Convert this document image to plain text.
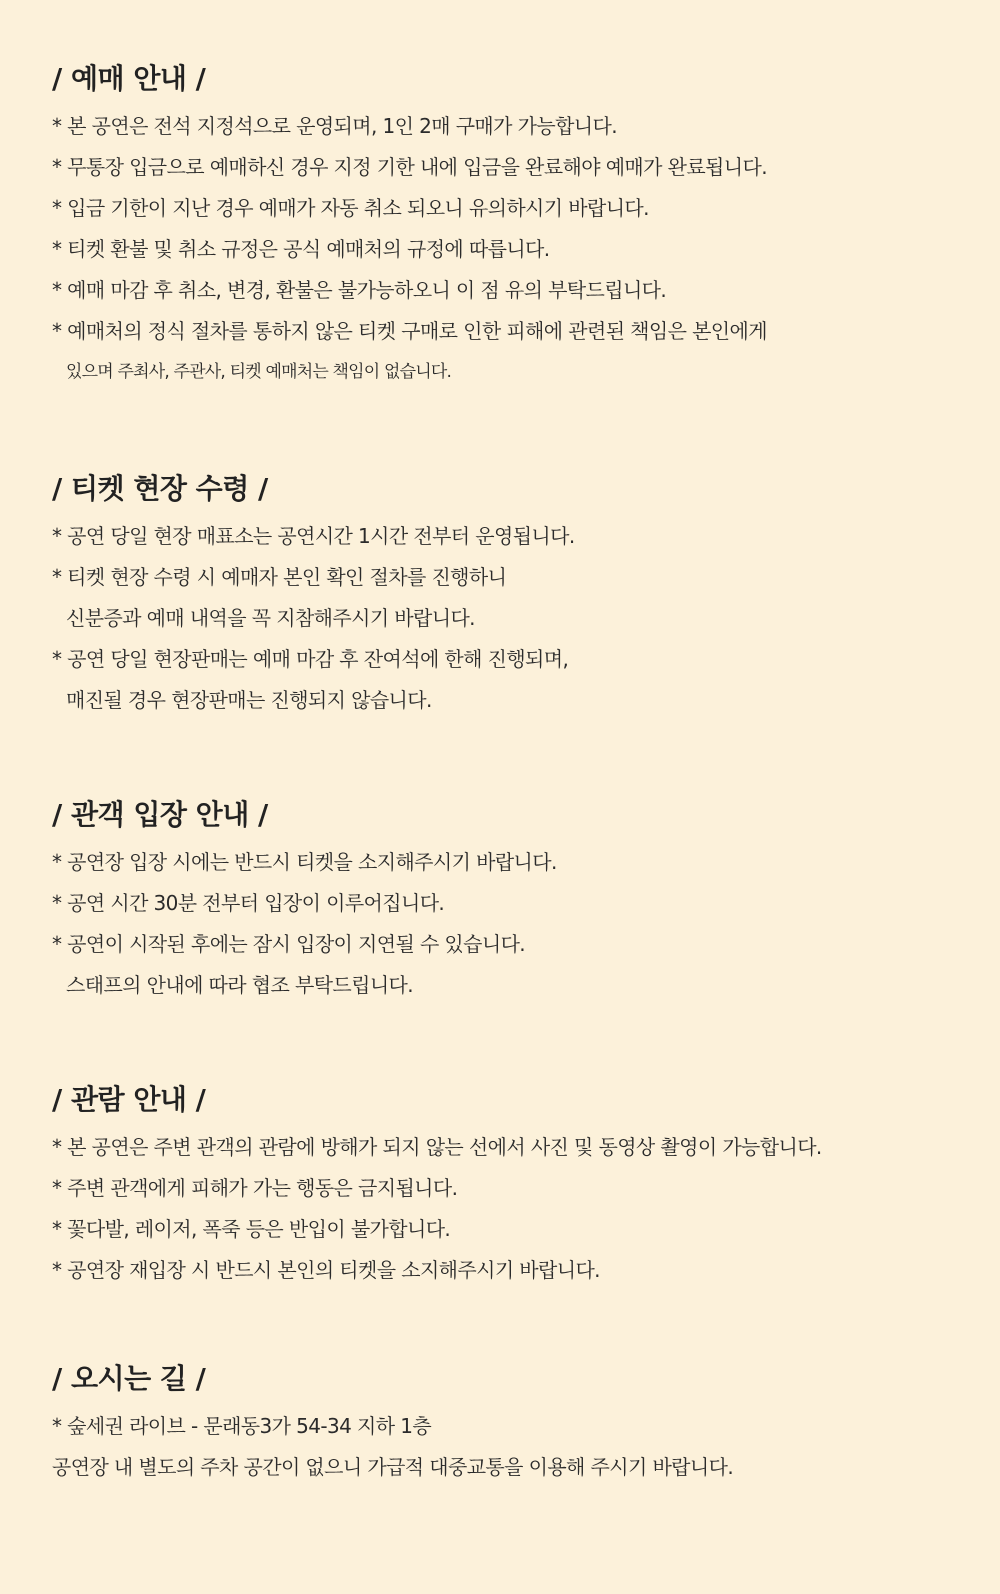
/ 예매 안내 /
* 본 공연은 전석 지정석으로 운영되며, 1인 2매 구매가 가능합니다.
* 무통장 입금으로 예매하신 경우 지정 기한 내에 입금을 완료해야 예매가 완료됩니다.
* 입금 기한이 지난 경우 예매가 자동 취소 되오니 유의하시기 바랍니다.
* 티켓 환불 및 취소 규정은 공식 예매처의 규정에 따릅니다.
* 예매 마감 후 취소, 변경, 환불은 불가능하오니 이 점 유의 부탁드립니다.
* 예매처의 정식 절차를 통하지 않은 티켓 구매로 인한 피해에 관련된 책임은 본인에게
있으며 주최사, 주관사, 티켓 예매처는 책임이 없습니다.
/ 티켓 현장 수령 /
* 공연 당일 현장 매표소는 공연시간 1시간 전부터 운영됩니다.
* 티켓 현장 수령 시 예매자 본인 확인 절차를 진행하니
신분증과 예매 내역을 꼭 지참해주시기 바랍니다.
* 공연 당일 현장판매는 예매 마감 후 잔여석에 한해 진행되며,
매진될 경우 현장판매는 진행되지 않습니다.
/ 관객 입장 안내 /
* 공연장 입장 시에는 반드시 티켓을 소지해주시기 바랍니다.
* 공연 시간 30분 전부터 입장이 이루어집니다.
* 공연이 시작된 후에는 잠시 입장이 지연될 수 있습니다.
스태프의 안내에 따라 협조 부탁드립니다.
/ 관람 안내 /
* 본 공연은 주변 관객의 관람에 방해가 되지 않는 선에서 사진 및 동영상 촬영이 가능합니다.
* 주변 관객에게 피해가 가는 행동은 금지됩니다.
* 꽃다발, 레이저, 폭죽 등은 반입이 불가합니다.
* 공연장 재입장 시 반드시 본인의 티켓을 소지해주시기 바랍니다.
/ 오시는 길 /
* 숲세권 라이브 - 문래동3가 54-34 지하 1층
공연장 내 별도의 주차 공간이 없으니 가급적 대중교통을 이용해 주시기 바랍니다.
